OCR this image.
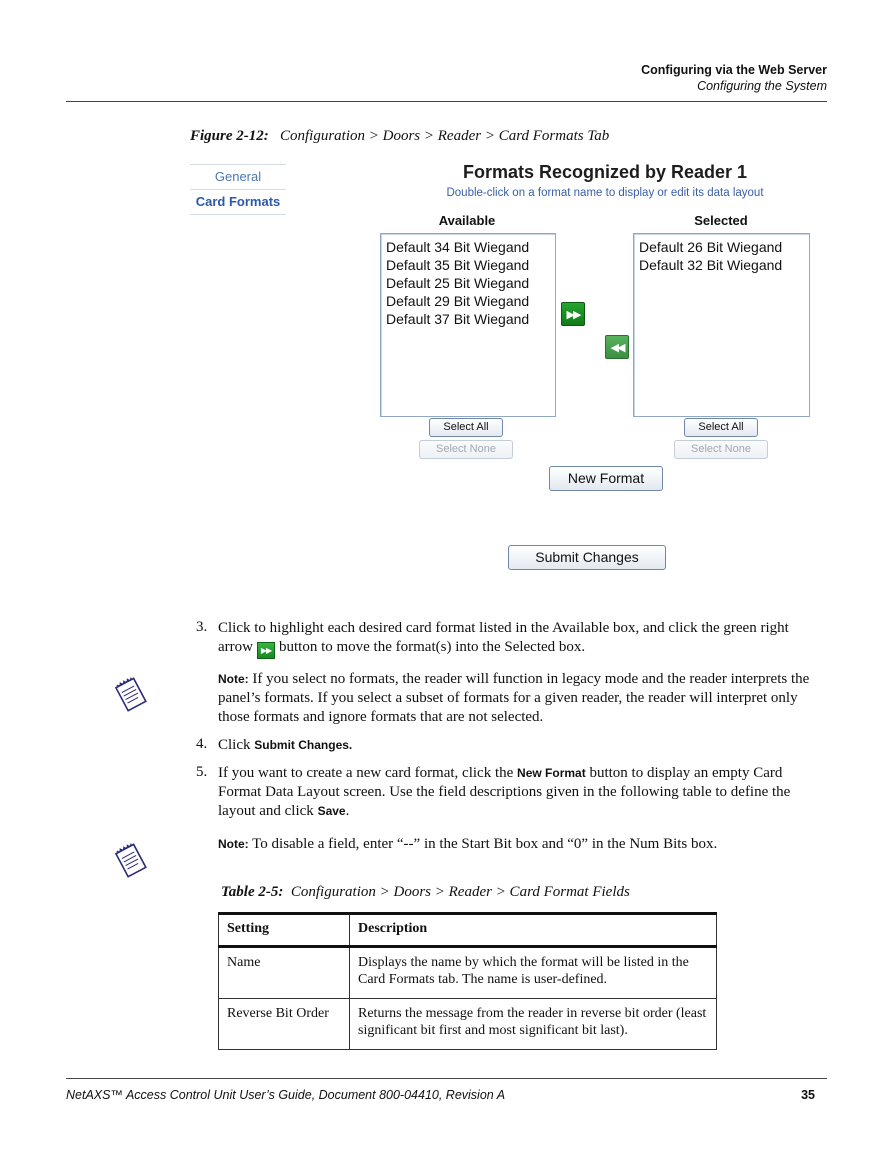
Configuring via the Web Server
Configuring the System
Figure 2-12: Configuration > Doors > Reader > Card Formats Tab
General
Card Formats
Formats Recognized by Reader 1
Double-click on a format name to display or edit its data layout
Available	Selected
Default 34 Bit Wiegand
Default 35 Bit Wiegand
Default 25 Bit Wiegand
Default 29 Bit Wiegand
Default 37 Bit Wiegand	▶▶
◀◀
Default 26 Bit Wiegand
Default 32 Bit Wiegand
Select All	Select All
Select None	Select None
New Format
Submit Changes
3. Click to highlight each desired card format listed in the Available box, and click the green right arrow ▶▶ button to move the format(s) into the Selected box.
Note: If you select no formats, the reader will function in legacy mode and the reader interprets the panel’s formats. If you select a subset of formats for a given reader, the reader will interpret only those formats and ignore formats that are not selected.
4. Click Submit Changes.
5. If you want to create a new card format, click the New Format button to display an empty Card Format Data Layout screen. Use the field descriptions given in the following table to define the layout and click Save.
Note: To disable a field, enter “--” in the Start Bit box and “0” in the Num Bits box.
Table 2-5: Configuration > Doors > Reader > Card Format Fields
Setting	Description
Name	Displays the name by which the format will be listed in the Card Formats tab. The name is user-defined.
Reverse Bit Order	Returns the message from the reader in reverse bit order (least significant bit first and most significant bit last).
NetAXS™ Access Control Unit User’s Guide, Document 800-04410, Revision A	35
